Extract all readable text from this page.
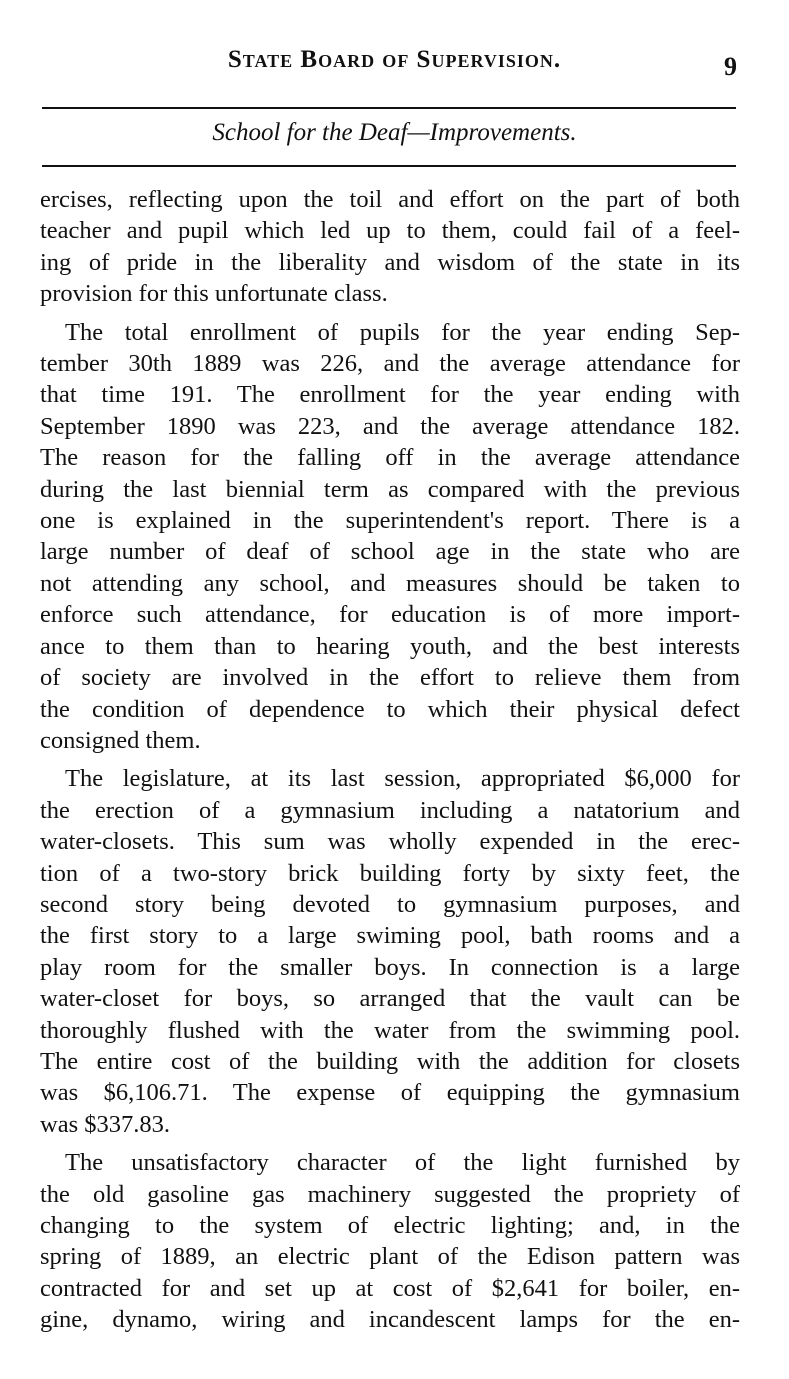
State Board of Supervision.	9
School for the Deaf—Improvements.

ercises, reflecting upon the toil and effort on the part of both
teacher and pupil which led up to them, could fail of a feel-
ing of pride in the liberality and wisdom of the state in its
provision for this unfortunate class.

The total enrollment of pupils for the year ending Sep-
tember 30th 1889 was 226, and the average attendance for
that time 191. The enrollment for the year ending with
September 1890 was 223, and the average attendance 182.
The reason for the falling off in the average attendance
during the last biennial term as compared with the previous
one is explained in the superintendent's report. There is a
large number of deaf of school age in the state who are
not attending any school, and measures should be taken to
enforce such attendance, for education is of more import-
ance to them than to hearing youth, and the best interests
of society are involved in the effort to relieve them from
the condition of dependence to which their physical defect
consigned them.

The legislature, at its last session, appropriated $6,000 for
the erection of a gymnasium including a natatorium and
water-closets. This sum was wholly expended in the erec-
tion of a two-story brick building forty by sixty feet, the
second story being devoted to gymnasium purposes, and
the first story to a large swiming pool, bath rooms and a
play room for the smaller boys. In connection is a large
water-closet for boys, so arranged that the vault can be
thoroughly flushed with the water from the swimming pool.
The entire cost of the building with the addition for closets
was $6,106.71. The expense of equipping the gymnasium
was $337.83.

The unsatisfactory character of the light furnished by
the old gasoline gas machinery suggested the propriety of
changing to the system of electric lighting; and, in the
spring of 1889, an electric plant of the Edison pattern was
contracted for and set up at cost of $2,641 for boiler, en-
gine, dynamo, wiring and incandescent lamps for the en-
